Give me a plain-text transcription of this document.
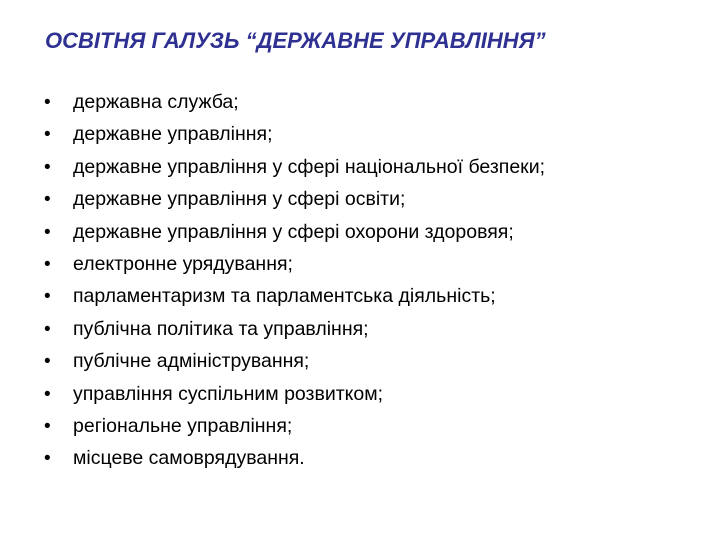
ОСВІТНЯ ГАЛУЗЬ “ДЕРЖАВНЕ УПРАВЛІННЯ”
•	державна служба;
•	державне управління;
•	державне управління у сфері національної безпеки;
•	державне управління у сфері освіти;
•	державне управління у сфері охорони здоровяя;
•	електронне урядування;
•	парламентаризм та парламентська діяльність;
•	публічна політика та управління;
•	публічне адміністрування;
•	управління суспільним розвитком;
•	регіональне управління;
•	місцеве самоврядування.
